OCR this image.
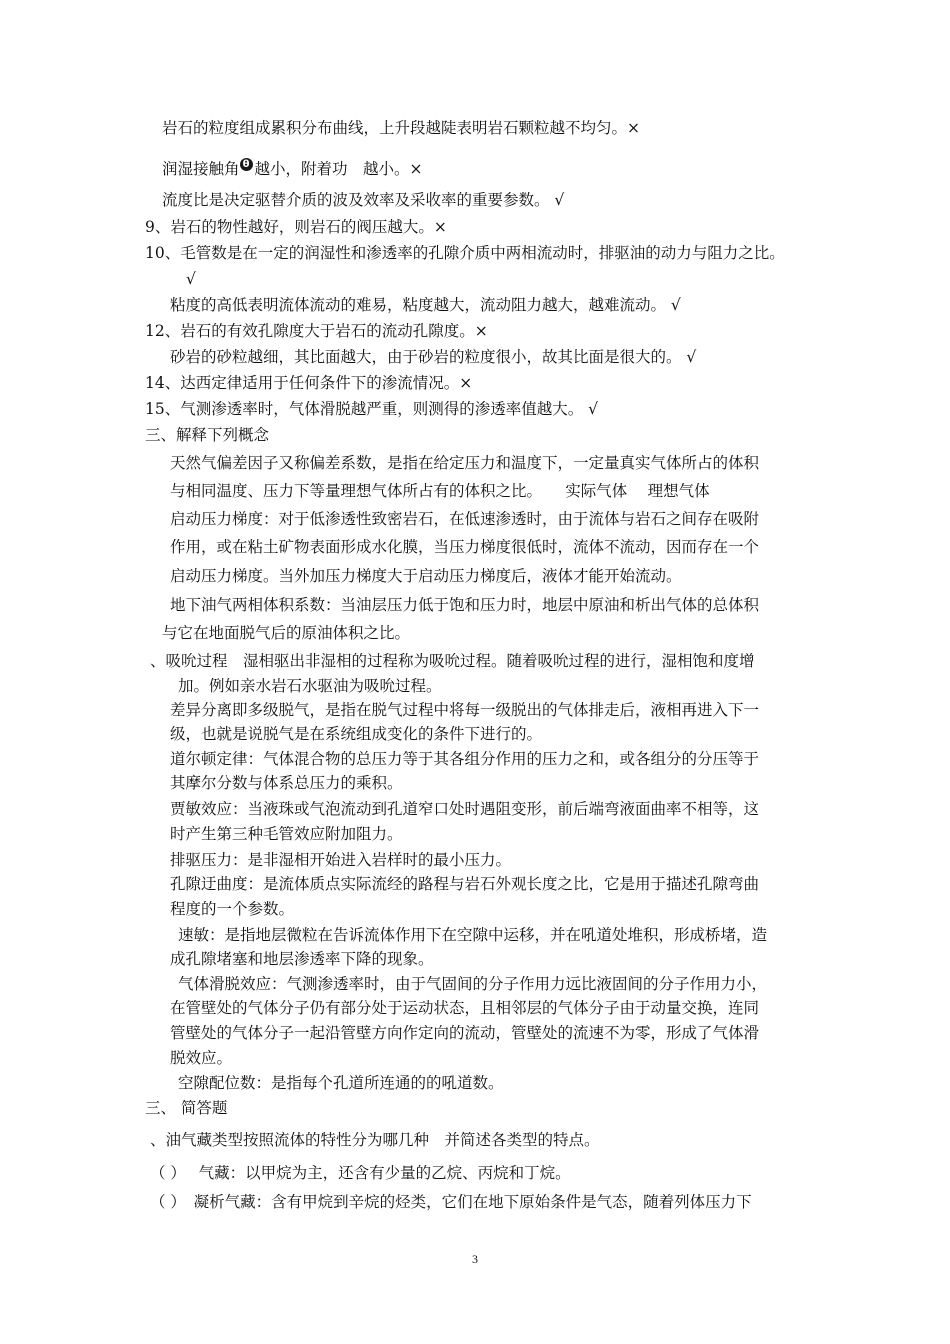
岩石的粒度组成累积分布曲线，上升段越陡表明岩石颗粒越不均匀。×
润湿接触角 θ 越小，附着功　越小。×
流度比是决定驱替介质的波及效率及采收率的重要参数。 √
9、岩石的物性越好，则岩石的阀压越大。×
10、毛管数是在一定的润湿性和渗透率的孔隙介质中两相流动时，排驱油的动力与阻力之比。
√
粘度的高低表明流体流动的难易，粘度越大，流动阻力越大，越难流动。 √
12、岩石的有效孔隙度大于岩石的流动孔隙度。×
砂岩的砂粒越细，其比面越大，由于砂岩的粒度很小，故其比面是很大的。 √
14、达西定律适用于任何条件下的渗流情况。×
15、气测渗透率时，气体滑脱越严重，则测得的渗透率值越大。 √
三、解释下列概念
天然气偏差因子又称偏差系数，是指在给定压力和温度下，一定量真实气体所占的体积
与相同温度、压力下等量理想气体所占有的体积之比。　　实际气体　 理想气体
启动压力梯度：对于低渗透性致密岩石，在低速渗透时，由于流体与岩石之间存在吸附
作用，或在粘土矿物表面形成水化膜，当压力梯度很低时，流体不流动，因而存在一个
启动压力梯度。当外加压力梯度大于启动压力梯度后，液体才能开始流动。
地下油气两相体积系数：当油层压力低于饱和压力时，地层中原油和析出气体的总体积
与它在地面脱气后的原油体积之比。
、吸吮过程　湿相驱出非湿相的过程称为吸吮过程。随着吸吮过程的进行，湿相饱和度增
加。例如亲水岩石水驱油为吸吮过程。
差异分离即多级脱气，是指在脱气过程中将每一级脱出的气体排走后，液相再进入下一
级，也就是说脱气是在系统组成变化的条件下进行的。
道尔顿定律：气体混合物的总压力等于其各组分作用的压力之和，或各组分的分压等于
其摩尔分数与体系总压力的乘积。
贾敏效应：当液珠或气泡流动到孔道窄口处时遇阻变形，前后端弯液面曲率不相等，这
时产生第三种毛管效应附加阻力。
排驱压力：是非湿相开始进入岩样时的最小压力。
孔隙迂曲度：是流体质点实际流经的路程与岩石外观长度之比，它是用于描述孔隙弯曲
程度的一个参数。
速敏：是指地层微粒在告诉流体作用下在空隙中运移，并在吼道处堆积，形成桥堵，造
成孔隙堵塞和地层渗透率下降的现象。
气体滑脱效应：气测渗透率时，由于气固间的分子作用力远比液固间的分子作用力小，
在管壁处的气体分子仍有部分处于运动状态，且相邻层的气体分子由于动量交换，连同
管壁处的气体分子一起沿管壁方向作定向的流动，管壁处的流速不为零，形成了气体滑
脱效应。
空隙配位数：是指每个孔道所连通的的吼道数。
三、 简答题
、油气藏类型按照流体的特性分为哪几种　并简述各类型的特点。
（ ）　 气藏：以甲烷为主，还含有少量的乙烷、丙烷和丁烷。
（ ）　凝析气藏：含有甲烷到辛烷的烃类，它们在地下原始条件是气态，随着列体压力下
3
